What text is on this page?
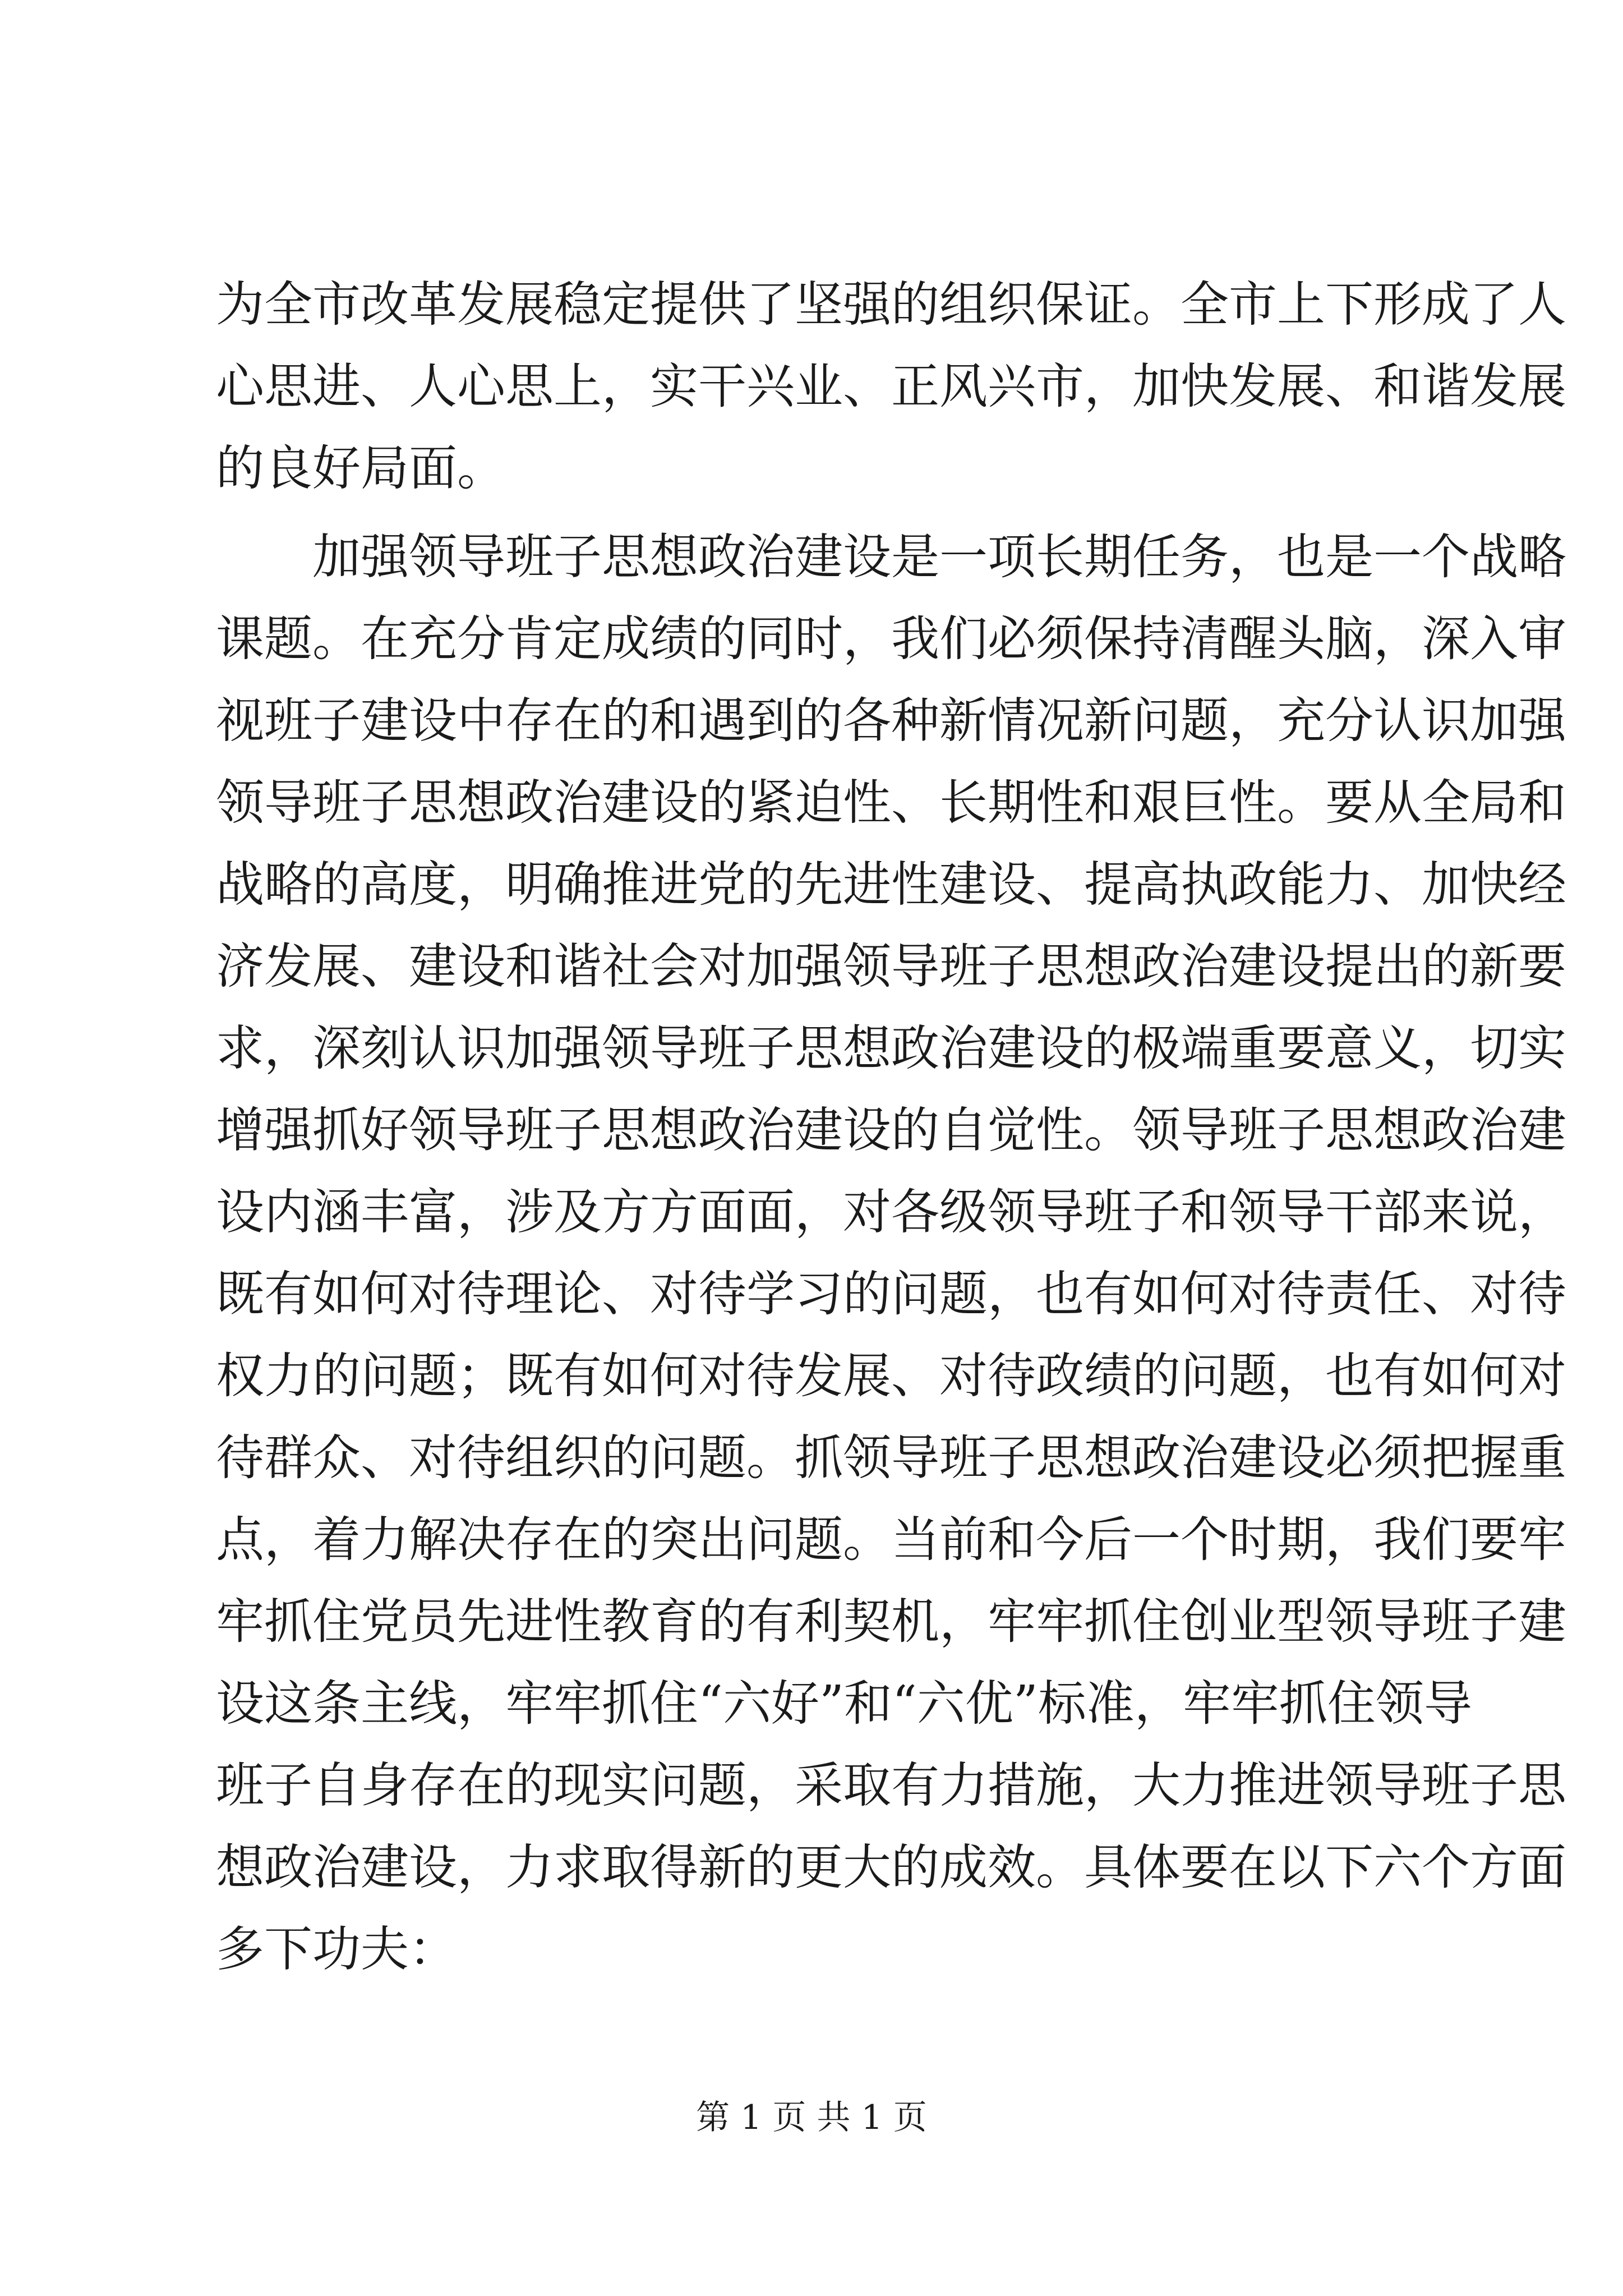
为全市改革发展稳定提供了坚强的组织保证。全市上下形成了人
心思进、人心思上，实干兴业、正风兴市，加快发展、和谐发展
的良好局面。
加强领导班子思想政治建设是一项长期任务，也是一个战略
课题。在充分肯定成绩的同时，我们必须保持清醒头脑，深入审
视班子建设中存在的和遇到的各种新情况新问题，充分认识加强
领导班子思想政治建设的紧迫性、长期性和艰巨性。要从全局和
战略的高度，明确推进党的先进性建设、提高执政能力、加快经
济发展、建设和谐社会对加强领导班子思想政治建设提出的新要
求，深刻认识加强领导班子思想政治建设的极端重要意义，切实
增强抓好领导班子思想政治建设的自觉性。领导班子思想政治建
设内涵丰富，涉及方方面面，对各级领导班子和领导干部来说，
既有如何对待理论、对待学习的问题，也有如何对待责任、对待
权力的问题；既有如何对待发展、对待政绩的问题，也有如何对
待群众、对待组织的问题。抓领导班子思想政治建设必须把握重
点，着力解决存在的突出问题。当前和今后一个时期，我们要牢
牢抓住党员先进性教育的有利契机，牢牢抓住创业型领导班子建
设这条主线，牢牢抓住“六好”和“六优”标准，牢牢抓住领导
班子自身存在的现实问题，采取有力措施，大力推进领导班子思
想政治建设，力求取得新的更大的成效。具体要在以下六个方面
多下功夫：
第 1 页 共 1 页
